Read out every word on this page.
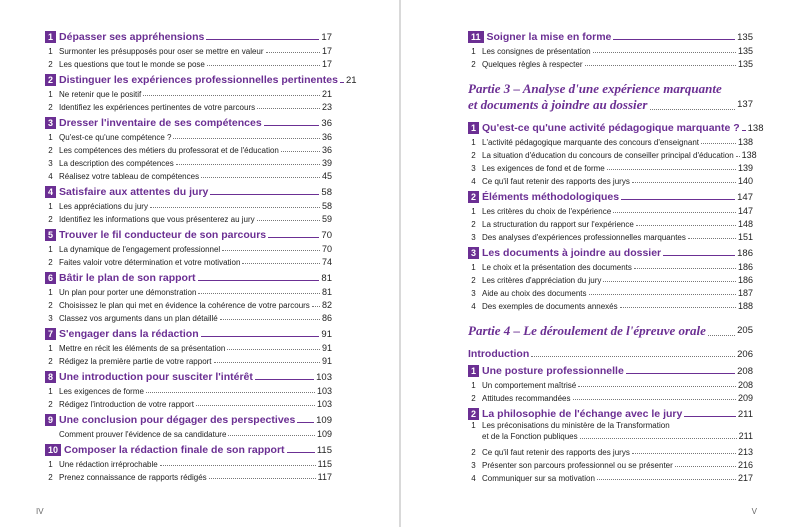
1 Dépasser ses appréhensions	17
1 Surmonter les présupposés pour oser se mettre en valeur	17
2 Les questions que tout le monde se pose	17
2 Distinguer les expériences professionnelles pertinentes 21
1 Ne retenir que le positif	21
2 Identifiez les expériences pertinentes de votre parcours	23
3 Dresser l'inventaire de ses compétences	36
1 Qu'est-ce qu'une compétence ?	36
2 Les compétences des métiers du professorat et de l'éducation	36
3 La description des compétences	39
4 Réalisez votre tableau de compétences	45
4 Satisfaire aux attentes du jury	58
1 Les appréciations du jury	58
2 Identifiez les informations que vous présenterez au jury	59
5 Trouver le fil conducteur de son parcours	70
1 La dynamique de l'engagement professionnel	70
2 Faites valoir votre détermination et votre motivation	74
6 Bâtir le plan de son rapport	81
1 Un plan pour porter une démonstration	81
2 Choisissez le plan qui met en évidence la cohérence de votre parcours 82
3 Classez vos arguments dans un plan détaillé	86
7 S'engager dans la rédaction	91
1 Mettre en récit les éléments de sa présentation	91
2 Rédigez la première partie de votre rapport	91
8 Une introduction pour susciter l'intérêt	103
1 Les exigences de forme	103
2 Rédigez l'introduction de votre rapport	103
9 Une conclusion pour dégager des perspectives 109
Comment prouver l'évidence de sa candidature	109
10 Composer la rédaction finale de son rapport	115
1 Une rédaction irréprochable	115
2 Prenez connaissance de rapports rédigés	117
IV
11 Soigner la mise en forme	135
1 Les consignes de présentation	135
2 Quelques règles à respecter	135
Partie 3 – Analyse d'une expérience marquante
et documents à joindre au dossier	137
1 Qu'est-ce qu'une activité pédagogique marquante ? 138
1 L'activité pédagogique marquante des concours d'enseignant	138
2 La situation d'éducation du concours de conseiller principal d'éducation 138
3 Les exigences de fond et de forme	139
4 Ce qu'il faut retenir des rapports des jurys	140
2 Éléments méthodologiques	147
1 Les critères du choix de l'expérience	147
2 La structuration du rapport sur l'expérience	148
3 Des analyses d'expériences professionnelles marquantes	151
3 Les documents à joindre au dossier	186
1 Le choix et la présentation des documents	186
2 Les critères d'appréciation du jury	186
3 Aide au choix des documents	187
4 Des exemples de documents annexés	188
Partie 4 – Le déroulement de l'épreuve orale	205
Introduction	206
1 Une posture professionnelle	208
1 Un comportement maîtrisé	208
2 Attitudes recommandées	209
2 La philosophie de l'échange avec le jury	211
1 Les préconisations du ministère de la Transformation
et de la Fonction publiques	211
2 Ce qu'il faut retenir des rapports des jurys	213
3 Présenter son parcours professionnel ou se présenter	216
4 Communiquer sur sa motivation	217
V
